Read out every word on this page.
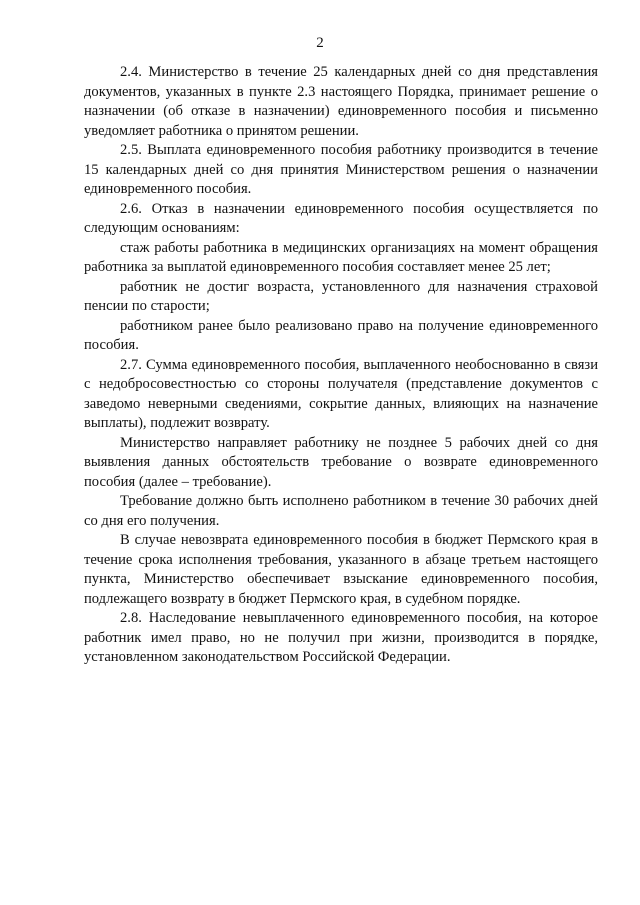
2

2.4. Министерство в течение 25 календарных дней со дня представления документов, указанных в пункте 2.3 настоящего Порядка, принимает решение о назначении (об отказе в назначении) единовременного пособия и письменно уведомляет работника о принятом решении.

2.5. Выплата единовременного пособия работнику производится в течение 15 календарных дней со дня принятия Министерством решения о назначении единовременного пособия.

2.6. Отказ в назначении единовременного пособия осуществляется по следующим основаниям:

стаж работы работника в медицинских организациях на момент обращения работника за выплатой единовременного пособия составляет менее 25 лет;

работник не достиг возраста, установленного для назначения страховой пенсии по старости;

работником ранее было реализовано право на получение единовременного пособия.

2.7. Сумма единовременного пособия, выплаченного необоснованно в связи с недобросовестностью со стороны получателя (представление документов с заведомо неверными сведениями, сокрытие данных, влияющих на назначение выплаты), подлежит возврату.

Министерство направляет работнику не позднее 5 рабочих дней со дня выявления данных обстоятельств требование о возврате единовременного пособия (далее – требование).

Требование должно быть исполнено работником в течение 30 рабочих дней со дня его получения.

В случае невозврата единовременного пособия в бюджет Пермского края в течение срока исполнения требования, указанного в абзаце третьем настоящего пункта, Министерство обеспечивает взыскание единовременного пособия, подлежащего возврату в бюджет Пермского края, в судебном порядке.

2.8. Наследование невыплаченного единовременного пособия, на которое работник имел право, но не получил при жизни, производится в порядке, установленном законодательством Российской Федерации.
